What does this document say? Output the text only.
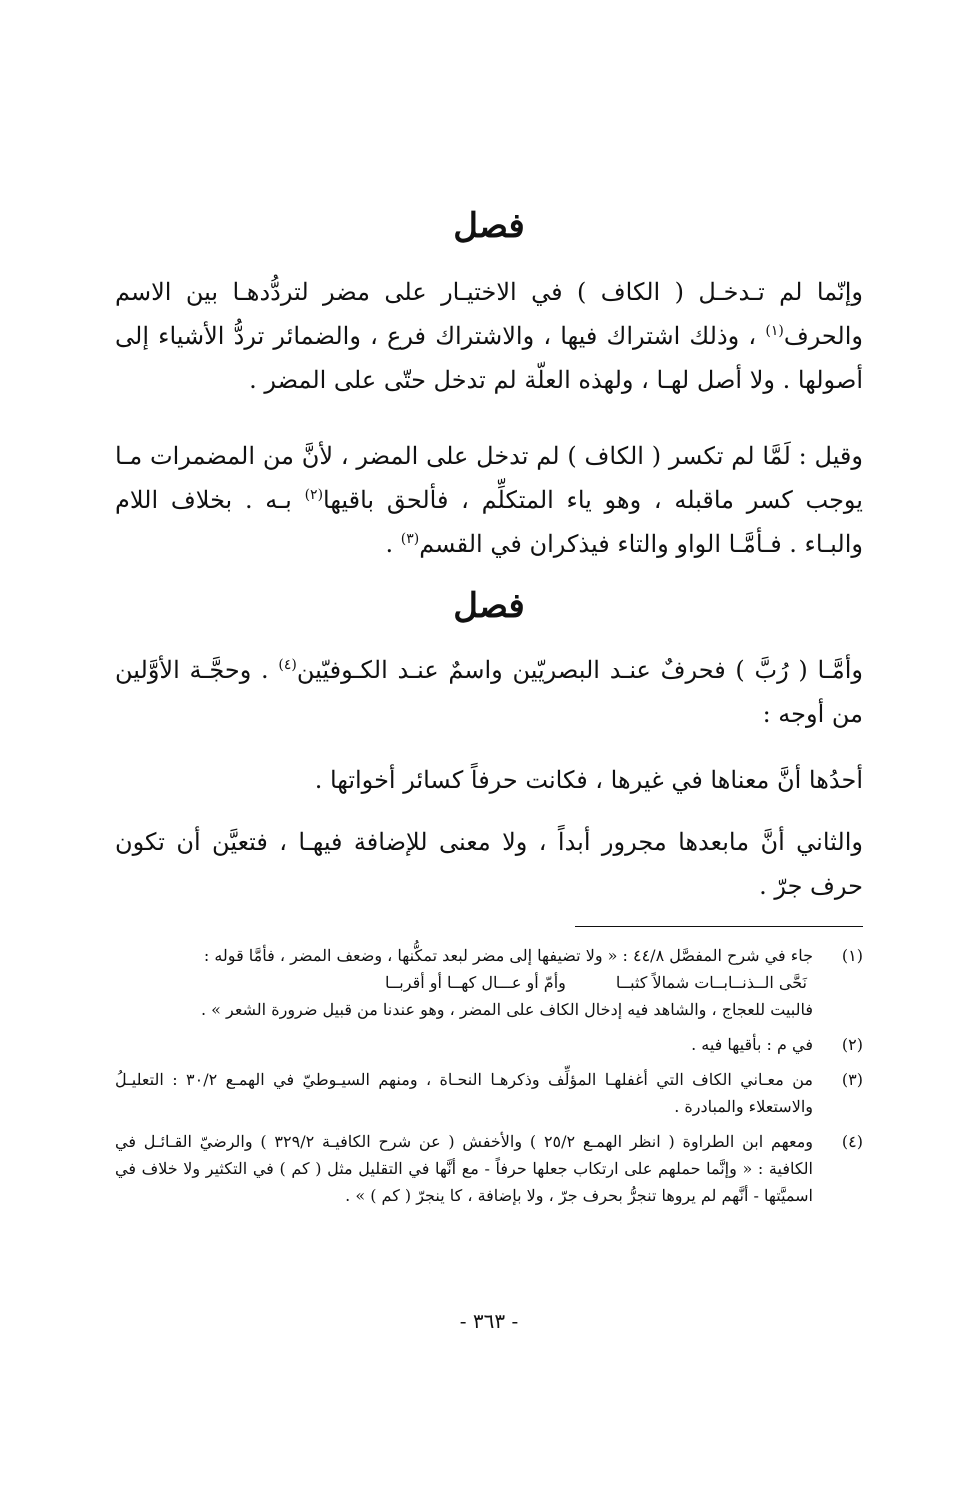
فصل

وإنّما لم تـدخـل ( الكاف ) في الاختيـار على مضر لتردُّدهـا بين الاسم والحرف$^{(١)}$ ، وذلك اشتراك فيها ، والاشتراك فرع ، والضمائر تردُّ الأشياء إلى أصولها . ولا أصل لهـا ، ولهذه العلّة لم تدخل حتّى على المضر .

وقيل : لَمَّا لم تكسر ( الكاف ) لم تدخل على المضر ، لأنَّ من المضمرات مـا يوجب كسر ماقبله ، وهو ياء المتكلِّم ، فألحق باقيها$^{(٢)}$ بـه . بخلاف اللام والبـاء . فـأمَّـا الواو والتاء فيذكران في القسم$^{(٣)}$ .

فصل

وأمَّـا ( رُبَّ ) فحرفٌ عنـد البصريّين واسمٌ عنـد الكـوفيّين$^{(٤)}$ . وحجَّـة الأوَّلين من أوجه :

أحدُها أنَّ معناها في غيرها ، فكانت حرفاً كسائر أخواتها .

والثاني أنَّ مابعدها مجرور أبداً ، ولا معنى للإضافة فيهـا ، فتعيَّن أن تكون حرف جرّ .

(١)
جاء في شرح المفصَّل ٤٤/٨ : « ولا تضيفها إلى مضر لبعد تمكُّنها ، وضعف المضر ، فأمَّا قوله :
نَحَّى الــذنــابــات شمالاً كثبــا
وأمّ أو عـــال كهــا أو أقربــا
فالبيت للعجاج ، والشاهد فيه إدخال الكاف على المضر ، وهو عندنا من قبيل ضرورة الشعر » .
(٢)
في م : بأقيها فيه .
(٣)
من معـاني الكاف التي أغفلهـا المؤلِّف وذكرهـا النحـاة ، ومنهم السيـوطيّ في الهمـع ٣٠/٢ : التعليـلُ والاستعلاء والمبادرة .
(٤)
ومعهم ابن الطراوة ( انظر الهمـع ٢٥/٢ ) والأخفش ( عن شرح الكافيـة ٣٢٩/٢ ) والرضيّ القـائـل في الكافية : « وإنَّما حملهم على ارتكاب جعلها حرفاً - مع أنَّها في التقليل مثل ( كم ) في التكثير ولا خلاف في اسميَّتها - أنَّهم لم يروها تنجرُّ بحرف جرّ ، ولا بإضافة ، كا ينجرّ ( كم ) » .
- ٣٦٣ -
